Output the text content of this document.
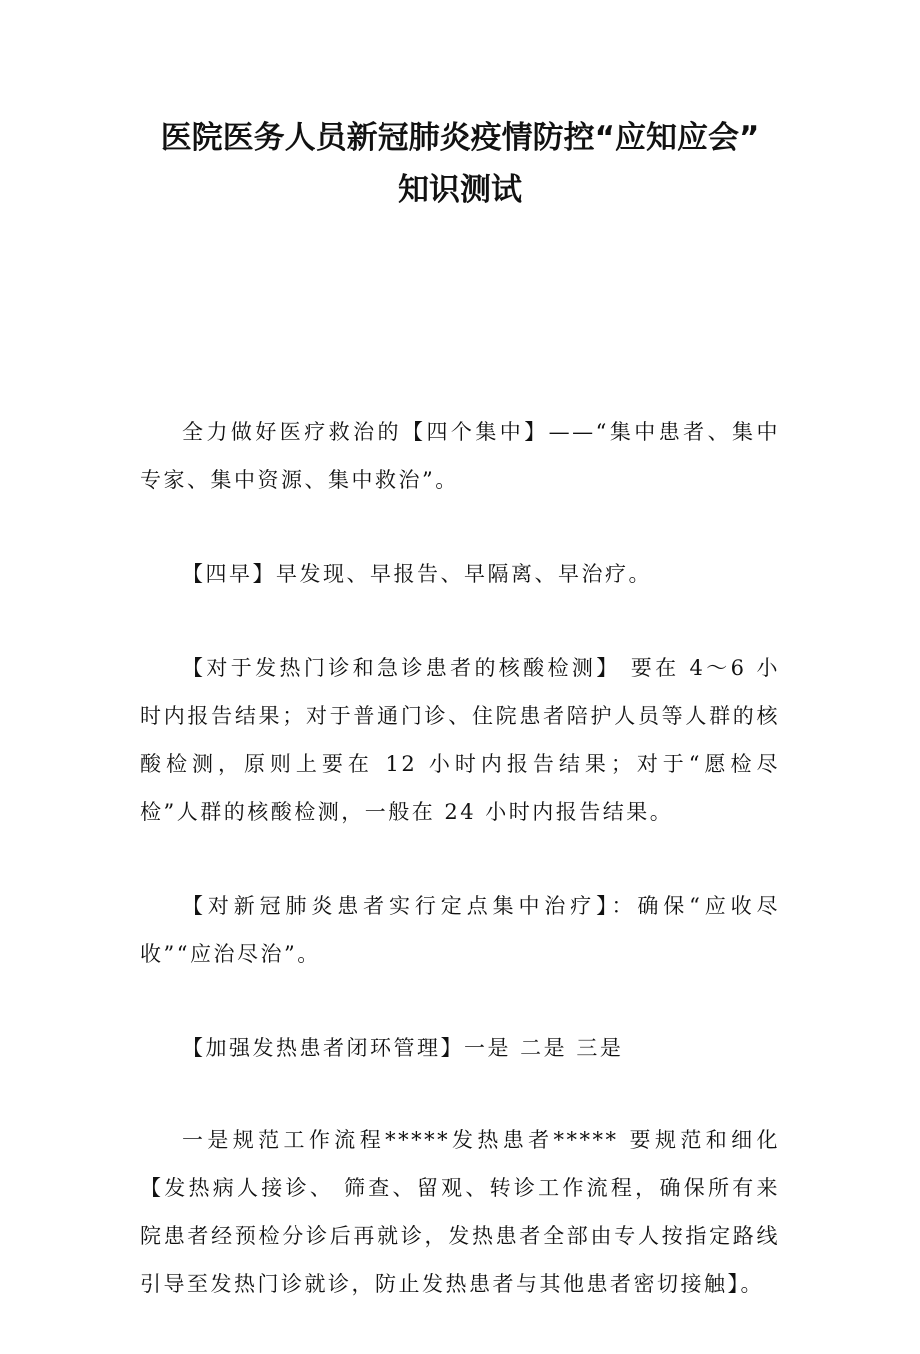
医院医务人员新冠肺炎疫情防控“应知应会”
知识测试

全力做好医疗救治的【四个集中】——“集中患者、集中专家、集中资源、集中救治”。

【四早】早发现、早报告、早隔离、早治疗。

【对于发热门诊和急诊患者的核酸检测】 要在 4～6 小时内报告结果；对于普通门诊、住院患者陪护人员等人群的核酸检测，原则上要在 12 小时内报告结果；对于“愿检尽检”人群的核酸检测，一般在 24 小时内报告结果。

【对新冠肺炎患者实行定点集中治疗】：确保“应收尽收”“应治尽治”。

【加强发热患者闭环管理】一是 二是 三是

一是规范工作流程*****发热患者***** 要规范和细化【发热病人接诊、 筛查、留观、转诊工作流程，确保所有来院患者经预检分诊后再就诊，发热患者全部由专人按指定路线引导至发热门诊就诊，防止发热患者与其他患者密切接触】。
